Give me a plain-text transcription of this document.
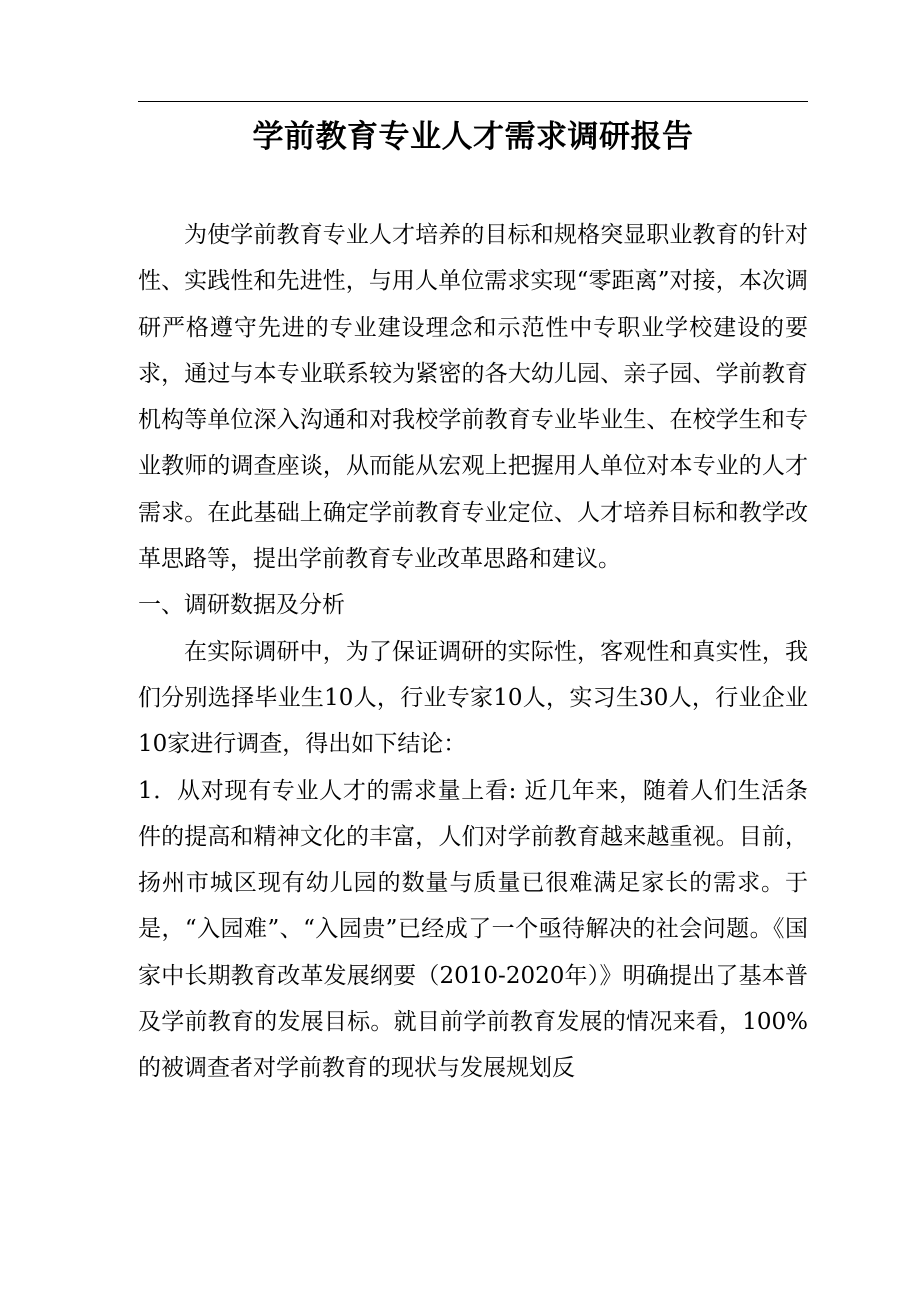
学前教育专业人才需求调研报告

为使学前教育专业人才培养的目标和规格突显职业教育的针对性、实践性和先进性，与用人单位需求实现“零距离”对接，本次调研严格遵守先进的专业建设理念和示范性中专职业学校建设的要求，通过与本专业联系较为紧密的各大幼儿园、亲子园、学前教育机构等单位深入沟通和对我校学前教育专业毕业生、在校学生和专业教师的调查座谈，从而能从宏观上把握用人单位对本专业的人才需求。在此基础上确定学前教育专业定位、人才培养目标和教学改革思路等，提出学前教育专业改革思路和建议。

一、调研数据及分析

在实际调研中，为了保证调研的实际性，客观性和真实性，我们分别选择毕业生10人，行业专家10人，实习生30人，行业企业10家进行调查，得出如下结论：

1．从对现有专业人才的需求量上看: 近几年来，随着人们生活条件的提高和精神文化的丰富，人们对学前教育越来越重视。目前，扬州市城区现有幼儿园的数量与质量已很难满足家长的需求。于是，“入园难”、“入园贵”已经成了一个亟待解决的社会问题。《国家中长期教育改革发展纲要（2010-2020年）》明确提出了基本普及学前教育的发展目标。就目前学前教育发展的情况来看，100%的被调查者对学前教育的现状与发展规划反
